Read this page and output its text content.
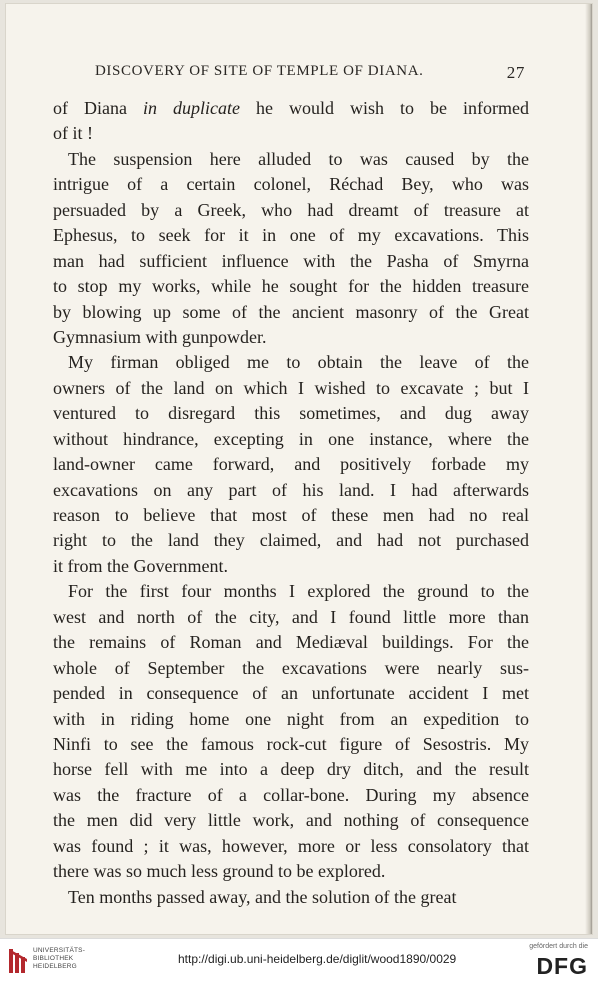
DISCOVERY OF SITE OF TEMPLE OF DIANA.	27
of Diana in duplicate he would wish to be informed
of it !
The suspension here alluded to was caused by the
intrigue of a certain colonel, Réchad Bey, who was
persuaded by a Greek, who had dreamt of treasure at
Ephesus, to seek for it in one of my excavations. This
man had sufficient influence with the Pasha of Smyrna
to stop my works, while he sought for the hidden treasure
by blowing up some of the ancient masonry of the Great
Gymnasium with gunpowder.
My firman obliged me to obtain the leave of the
owners of the land on which I wished to excavate ; but I
ventured to disregard this sometimes, and dug away
without hindrance, excepting in one instance, where the
land-owner came forward, and positively forbade my
excavations on any part of his land. I had afterwards
reason to believe that most of these men had no real
right to the land they claimed, and had not purchased
it from the Government.
For the first four months I explored the ground to the
west and north of the city, and I found little more than
the remains of Roman and Mediæval buildings. For the
whole of September the excavations were nearly sus-
pended in consequence of an unfortunate accident I met
with in riding home one night from an expedition to
Ninfi to see the famous rock-cut figure of Sesostris. My
horse fell with me into a deep dry ditch, and the result
was the fracture of a collar-bone. During my absence
the men did very little work, and nothing of consequence
was found ; it was, however, more or less consolatory that
there was so much less ground to be explored.
Ten months passed away, and the solution of the great
UNIVERSITÄTS-
BIBLIOTHEK
HEIDELBERG
http://digi.ub.uni-heidelberg.de/diglit/wood1890/0029
gefördert durch die
DFG
